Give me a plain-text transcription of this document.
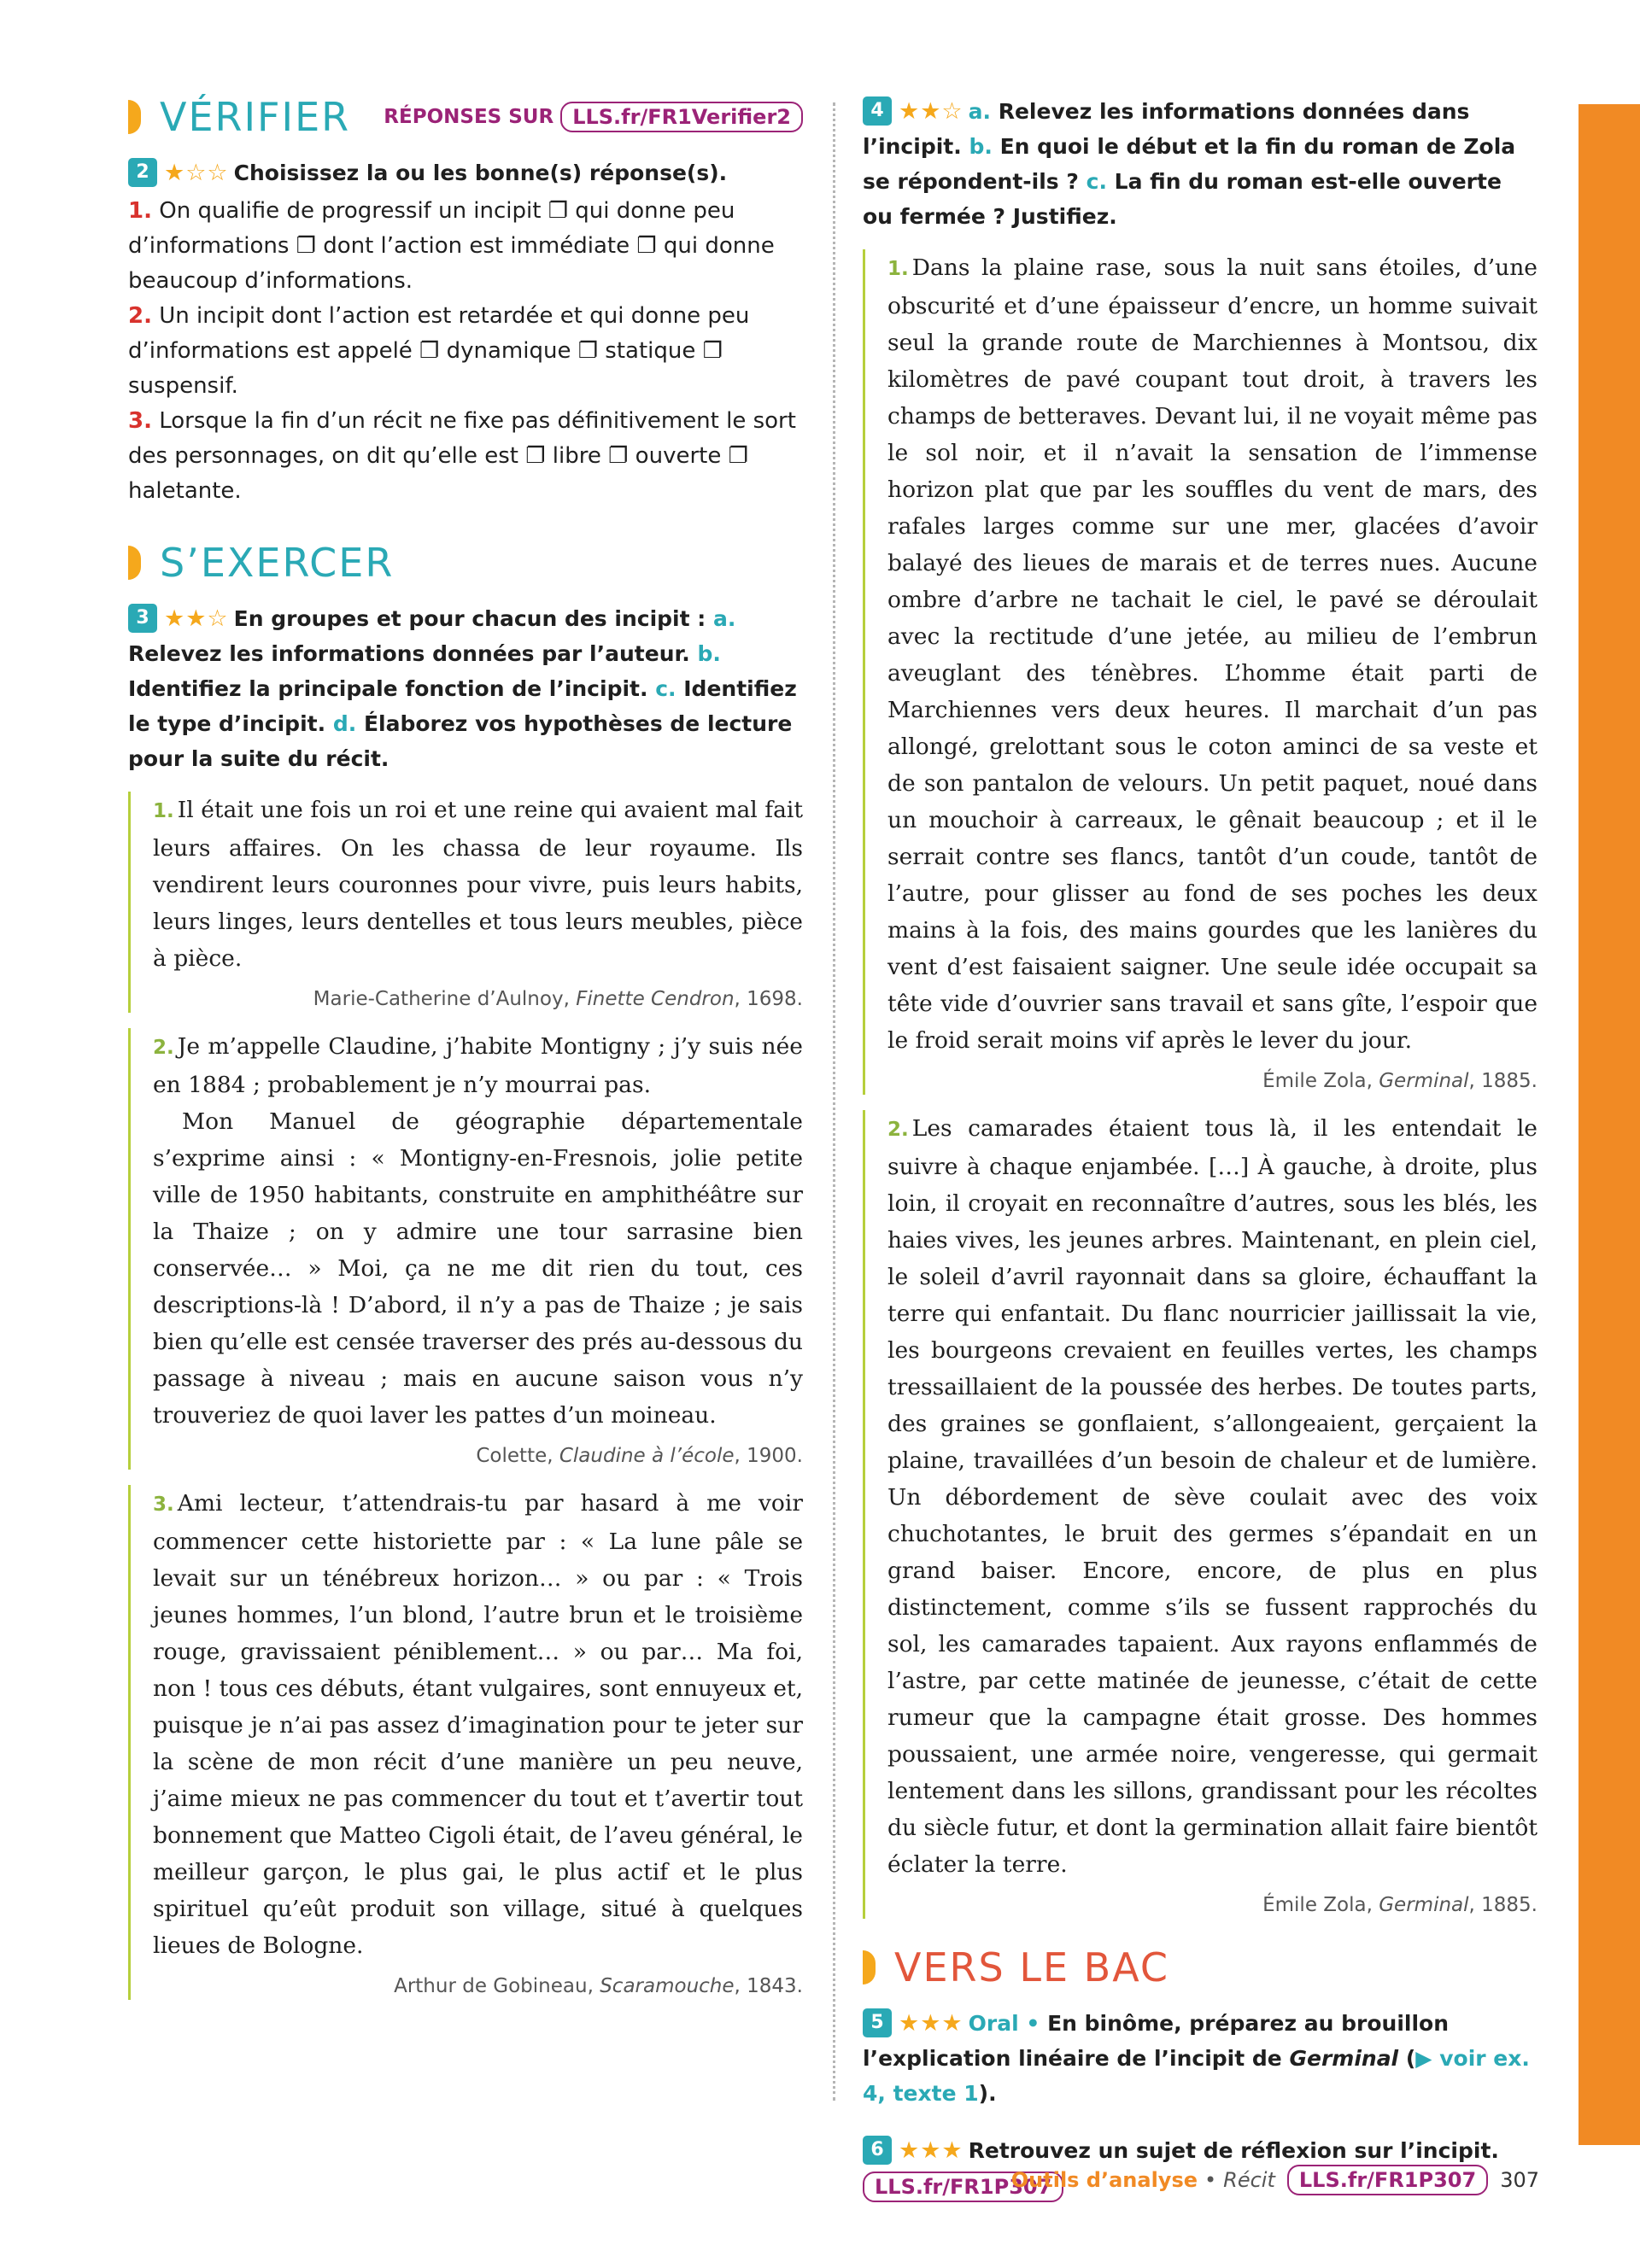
VÉRIFIER RÉPONSES SUR LLS.fr/FR1Verifier2

2 ★☆☆ Choisissez la ou les bonne(s) réponse(s).

1. On qualifie de progressif un incipit ❐ qui donne peu d’informations ❐ dont l’action est immédiate ❐ qui donne beaucoup d’informations.

2. Un incipit dont l’action est retardée et qui donne peu d’informations est appelé ❐ dynamique ❐ statique ❐ suspensif.

3. Lorsque la fin d’un récit ne fixe pas définitivement le sort des personnages, on dit qu’elle est ❐ libre ❐ ouverte ❐ haletante.

S’EXERCER

3 ★★☆ En groupes et pour chacun des incipit : a. Relevez les informations données par l’auteur. b. Identifiez la principale fonction de l’incipit. c. Identifiez le type d’incipit. d. Élaborez vos hypothèses de lecture pour la suite du récit.

1. Il était une fois un roi et une reine qui avaient mal fait leurs affaires. On les chassa de leur royaume. Ils vendirent leurs couronnes pour vivre, puis leurs habits, leurs linges, leurs dentelles et tous leurs meubles, pièce à pièce.

Marie-Catherine d’Aulnoy, Finette Cendron, 1698.

2. Je m’appelle Claudine, j’habite Montigny ; j’y suis née en 1884 ; probablement je n’y mourrai pas.

Mon Manuel de géographie départementale s’exprime ainsi : « Montigny-en-Fresnois, jolie petite ville de 1950 habitants, construite en amphithéâtre sur la Thaize ; on y admire une tour sarrasine bien conservée… » Moi, ça ne me dit rien du tout, ces descriptions-là ! D’abord, il n’y a pas de Thaize ; je sais bien qu’elle est censée traverser des prés au-dessous du passage à niveau ; mais en aucune saison vous n’y trouveriez de quoi laver les pattes d’un moineau.

Colette, Claudine à l’école, 1900.

3. Ami lecteur, t’attendrais-tu par hasard à me voir commencer cette historiette par : « La lune pâle se levait sur un ténébreux horizon… » ou par : « Trois jeunes hommes, l’un blond, l’autre brun et le troisième rouge, gravissaient péniblement… » ou par… Ma foi, non ! tous ces débuts, étant vulgaires, sont ennuyeux et, puisque je n’ai pas assez d’imagination pour te jeter sur la scène de mon récit d’une manière un peu neuve, j’aime mieux ne pas commencer du tout et t’avertir tout bonnement que Matteo Cigoli était, de l’aveu général, le meilleur garçon, le plus gai, le plus actif et le plus spirituel qu’eût produit son village, situé à quelques lieues de Bologne.

Arthur de Gobineau, Scaramouche, 1843.

4 ★★☆ a. Relevez les informations données dans l’incipit. b. En quoi le début et la fin du roman de Zola se répondent-ils ? c. La fin du roman est-elle ouverte ou fermée ? Justifiez.

1. Dans la plaine rase, sous la nuit sans étoiles, d’une obscurité et d’une épaisseur d’encre, un homme suivait seul la grande route de Marchiennes à Montsou, dix kilomètres de pavé coupant tout droit, à travers les champs de betteraves. Devant lui, il ne voyait même pas le sol noir, et il n’avait la sensation de l’immense horizon plat que par les souffles du vent de mars, des rafales larges comme sur une mer, glacées d’avoir balayé des lieues de marais et de terres nues. Aucune ombre d’arbre ne tachait le ciel, le pavé se déroulait avec la rectitude d’une jetée, au milieu de l’embrun aveuglant des ténèbres. L’homme était parti de Marchiennes vers deux heures. Il marchait d’un pas allongé, grelottant sous le coton aminci de sa veste et de son pantalon de velours. Un petit paquet, noué dans un mouchoir à carreaux, le gênait beaucoup ; et il le serrait contre ses flancs, tantôt d’un coude, tantôt de l’autre, pour glisser au fond de ses poches les deux mains à la fois, des mains gourdes que les lanières du vent d’est faisaient saigner. Une seule idée occupait sa tête vide d’ouvrier sans travail et sans gîte, l’espoir que le froid serait moins vif après le lever du jour.

Émile Zola, Germinal, 1885.

2. Les camarades étaient tous là, il les entendait le suivre à chaque enjambée. […] À gauche, à droite, plus loin, il croyait en reconnaître d’autres, sous les blés, les haies vives, les jeunes arbres. Maintenant, en plein ciel, le soleil d’avril rayonnait dans sa gloire, échauffant la terre qui enfantait. Du flanc nourricier jaillissait la vie, les bourgeons crevaient en feuilles vertes, les champs tressaillaient de la poussée des herbes. De toutes parts, des graines se gonflaient, s’allongeaient, gerçaient la plaine, travaillées d’un besoin de chaleur et de lumière. Un débordement de sève coulait avec des voix chuchotantes, le bruit des germes s’épandait en un grand baiser. Encore, encore, de plus en plus distinctement, comme s’ils se fussent rapprochés du sol, les camarades tapaient. Aux rayons enflammés de l’astre, par cette matinée de jeunesse, c’était de cette rumeur que la campagne était grosse. Des hommes poussaient, une armée noire, vengeresse, qui germait lentement dans les sillons, grandissant pour les récoltes du siècle futur, et dont la germination allait faire bientôt éclater la terre.

Émile Zola, Germinal, 1885.
VERS LE BAC

5 ★★★ Oral • En binôme, préparez au brouillon l’explication linéaire de l’incipit de Germinal (▶ voir ex. 4, texte 1).

6 ★★★ Retrouvez un sujet de réflexion sur l’incipit.

LLS.fr/FR1P307
Outils d’analyse • Récit	LLS.fr/FR1P307	307
